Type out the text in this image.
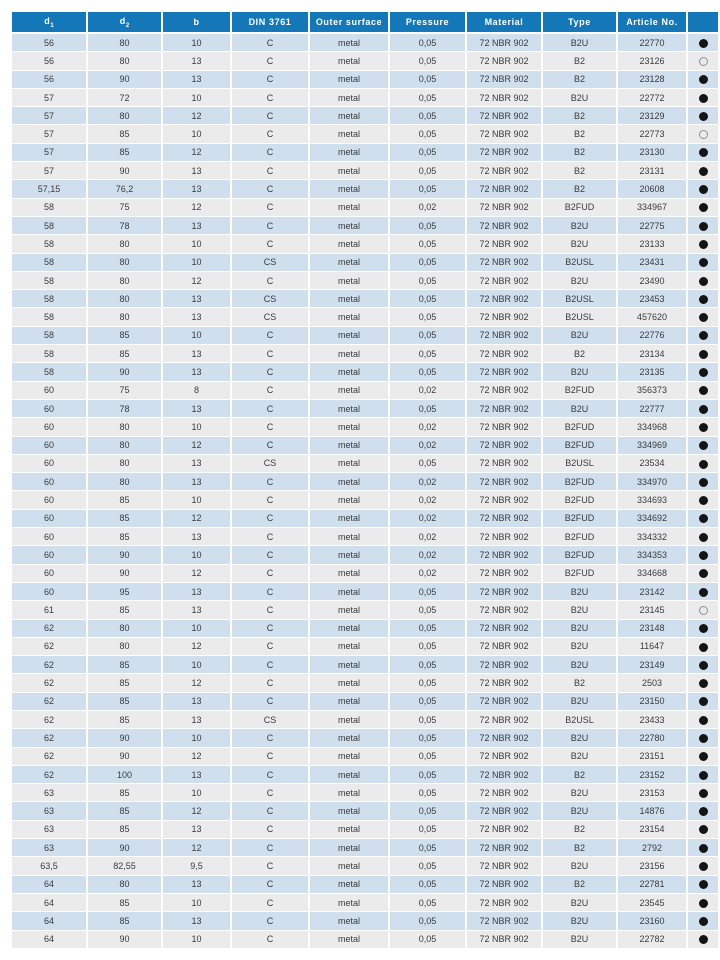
$d_1$	$d_2$	b	DIN 3761	Outer surface	Pressure	Material	Type	Article No.	
56	80	10	C	metal	0,05	72 NBR 902	B2U	22770	
56	80	13	C	metal	0,05	72 NBR 902	B2	23126	
56	90	13	C	metal	0,05	72 NBR 902	B2	23128	
57	72	10	C	metal	0,05	72 NBR 902	B2U	22772	
57	80	12	C	metal	0,05	72 NBR 902	B2	23129	
57	85	10	C	metal	0,05	72 NBR 902	B2	22773	
57	85	12	C	metal	0,05	72 NBR 902	B2	23130	
57	90	13	C	metal	0,05	72 NBR 902	B2	23131	
57,15	76,2	13	C	metal	0,05	72 NBR 902	B2	20608	
58	75	12	C	metal	0,02	72 NBR 902	B2FUD	334967	
58	78	13	C	metal	0,05	72 NBR 902	B2U	22775	
58	80	10	C	metal	0,05	72 NBR 902	B2U	23133	
58	80	10	CS	metal	0,05	72 NBR 902	B2USL	23431	
58	80	12	C	metal	0,05	72 NBR 902	B2U	23490	
58	80	13	CS	metal	0,05	72 NBR 902	B2USL	23453	
58	80	13	CS	metal	0,05	72 NBR 902	B2USL	457620	
58	85	10	C	metal	0,05	72 NBR 902	B2U	22776	
58	85	13	C	metal	0,05	72 NBR 902	B2	23134	
58	90	13	C	metal	0,05	72 NBR 902	B2U	23135	
60	75	8	C	metal	0,02	72 NBR 902	B2FUD	356373	
60	78	13	C	metal	0,05	72 NBR 902	B2U	22777	
60	80	10	C	metal	0,02	72 NBR 902	B2FUD	334968	
60	80	12	C	metal	0,02	72 NBR 902	B2FUD	334969	
60	80	13	CS	metal	0,05	72 NBR 902	B2USL	23534	
60	80	13	C	metal	0,02	72 NBR 902	B2FUD	334970	
60	85	10	C	metal	0,02	72 NBR 902	B2FUD	334693	
60	85	12	C	metal	0,02	72 NBR 902	B2FUD	334692	
60	85	13	C	metal	0,02	72 NBR 902	B2FUD	334332	
60	90	10	C	metal	0,02	72 NBR 902	B2FUD	334353	
60	90	12	C	metal	0,02	72 NBR 902	B2FUD	334668	
60	95	13	C	metal	0,05	72 NBR 902	B2U	23142	
61	85	13	C	metal	0,05	72 NBR 902	B2U	23145	
62	80	10	C	metal	0,05	72 NBR 902	B2U	23148	
62	80	12	C	metal	0,05	72 NBR 902	B2U	11647	
62	85	10	C	metal	0,05	72 NBR 902	B2U	23149	
62	85	12	C	metal	0,05	72 NBR 902	B2	2503	
62	85	13	C	metal	0,05	72 NBR 902	B2U	23150	
62	85	13	CS	metal	0,05	72 NBR 902	B2USL	23433	
62	90	10	C	metal	0,05	72 NBR 902	B2U	22780	
62	90	12	C	metal	0,05	72 NBR 902	B2U	23151	
62	100	13	C	metal	0,05	72 NBR 902	B2	23152	
63	85	10	C	metal	0,05	72 NBR 902	B2U	23153	
63	85	12	C	metal	0,05	72 NBR 902	B2U	14876	
63	85	13	C	metal	0,05	72 NBR 902	B2	23154	
63	90	12	C	metal	0,05	72 NBR 902	B2	2792	
63,5	82,55	9,5	C	metal	0,05	72 NBR 902	B2U	23156	
64	80	13	C	metal	0,05	72 NBR 902	B2	22781	
64	85	10	C	metal	0,05	72 NBR 902	B2U	23545	
64	85	13	C	metal	0,05	72 NBR 902	B2U	23160	
64	90	10	C	metal	0,05	72 NBR 902	B2U	22782	
